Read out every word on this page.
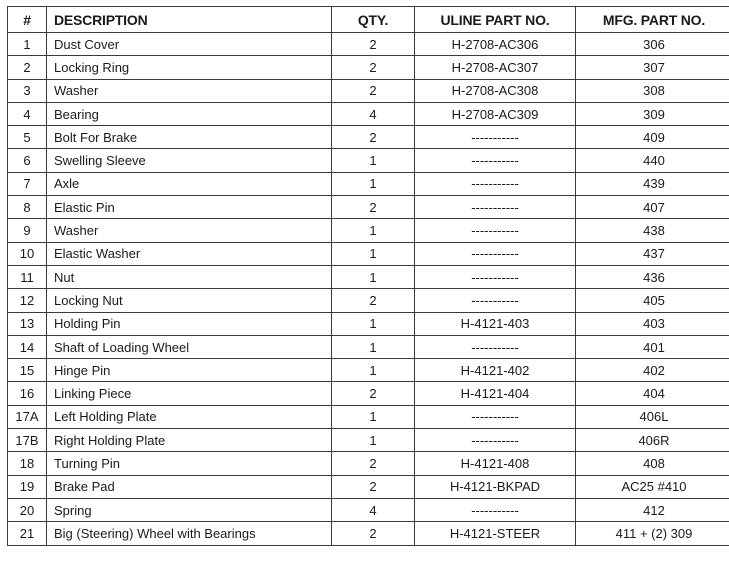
#	DESCRIPTION	QTY.	ULINE PART NO.	MFG. PART NO.
1	Dust Cover	2	H-2708-AC306	306
2	Locking Ring	2	H-2708-AC307	307
3	Washer	2	H-2708-AC308	308
4	Bearing	4	H-2708-AC309	309
5	Bolt For Brake	2	-----------	409
6	Swelling Sleeve	1	-----------	440
7	Axle	1	-----------	439
8	Elastic Pin	2	-----------	407
9	Washer	1	-----------	438
10	Elastic Washer	1	-----------	437
11	Nut	1	-----------	436
12	Locking Nut	2	-----------	405
13	Holding Pin	1	H-4121-403	403
14	Shaft of Loading Wheel	1	-----------	401
15	Hinge Pin	1	H-4121-402	402
16	Linking Piece	2	H-4121-404	404
17A	Left Holding Plate	1	-----------	406L
17B	Right Holding Plate	1	-----------	406R
18	Turning Pin	2	H-4121-408	408
19	Brake Pad	2	H-4121-BKPAD	AC25 #410
20	Spring	4	-----------	412
21	Big (Steering) Wheel with Bearings	2	H-4121-STEER	411 + (2) 309
